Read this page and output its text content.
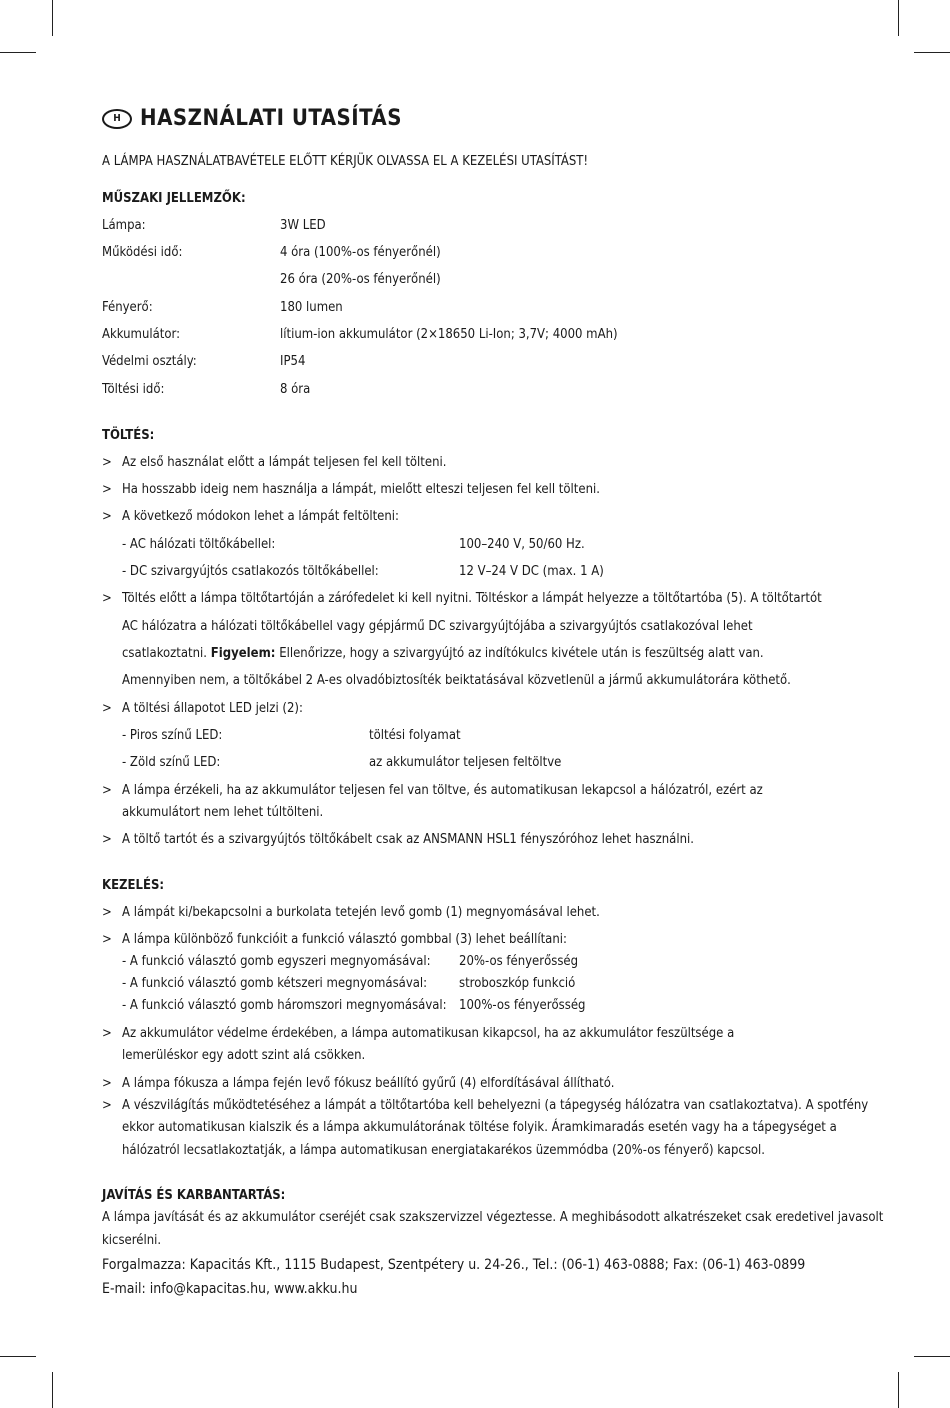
H HASZNÁLATI UTASÍTÁS
A LÁMPA HASZNÁLATBAVÉTELE ELŐTT KÉRJÜK OLVASSA EL A KEZELÉSI UTASÍTÁST!
MŰSZAKI JELLEMZŐK:
Lámpa:	3W LED
Működési idő:	4 óra (100%-os fényerőnél)
26 óra (20%-os fényerőnél)
Fényerő:	180 lumen
Akkumulátor:	lítium-ion akkumulátor (2×18650 Li-Ion; 3,7V; 4000 mAh)
Védelmi osztály:	IP54
Töltési idő:	8 óra
TÖLTÉS:
> Az első használat előtt a lámpát teljesen fel kell tölteni.
> Ha hosszabb ideig nem használja a lámpát, mielőtt elteszi teljesen fel kell tölteni.
> A következő módokon lehet a lámpát feltölteni:
- AC hálózati töltőkábellel:	100–240 V, 50/60 Hz.
- DC szivargyújtós csatlakozós töltőkábellel:	12 V–24 V DC (max. 1 A)
> Töltés előtt a lámpa töltőtartóján a zárófedelet ki kell nyitni. Töltéskor a lámpát helyezze a töltőtartóba (5). A töltőtartót
AC hálózatra a hálózati töltőkábellel vagy gépjármű DC szivargyújtójába a szivargyújtós csatlakozóval lehet
csatlakoztatni. Figyelem: Ellenőrizze, hogy a szivargyújtó az indítókulcs kivétele után is feszültség alatt van.
Amennyiben nem, a töltőkábel 2 A-es olvadóbiztosíték beiktatásával közvetlenül a jármű akkumulátorára köthető.
> A töltési állapotot LED jelzi (2):
- Piros színű LED:	töltési folyamat
- Zöld színű LED:	az akkumulátor teljesen feltöltve
> A lámpa érzékeli, ha az akkumulátor teljesen fel van töltve, és automatikusan lekapcsol a hálózatról, ezért az
akkumulátort nem lehet túltölteni.
> A töltő tartót és a szivargyújtós töltőkábelt csak az ANSMANN HSL1 fényszóróhoz lehet használni.
KEZELÉS:
> A lámpát ki/bekapcsolni a burkolata tetején levő gomb (1) megnyomásával lehet.
> A lámpa különböző funkcióit a funkció választó gombbal (3) lehet beállítani:
- A funkció választó gomb egyszeri megnyomásával: 20%-os fényerősség
- A funkció választó gomb kétszeri megnyomásával: stroboszkóp funkció
- A funkció választó gomb háromszori megnyomásával: 100%-os fényerősség
> Az akkumulátor védelme érdekében, a lámpa automatikusan kikapcsol, ha az akkumulátor feszültsége a
lemerüléskor egy adott szint alá csökken.
> A lámpa fókusza a lámpa fején levő fókusz beállító gyűrű (4) elfordításával állítható.
> A vészvilágítás működtetéséhez a lámpát a töltőtartóba kell behelyezni (a tápegység hálózatra van csatlakoztatva). A spotfény
ekkor automatikusan kialszik és a lámpa akkumulátorának töltése folyik. Áramkimaradás esetén vagy ha a tápegységet a
hálózatról lecsatlakoztatják, a lámpa automatikusan energiatakarékos üzemmódba (20%-os fényerő) kapcsol.
JAVÍTÁS ÉS KARBANTARTÁS:
A lámpa javítását és az akkumulátor cseréjét csak szakszervizzel végeztesse. A meghibásodott alkatrészeket csak eredetivel javasolt
kicserélni.
Forgalmazza: Kapacitás Kft., 1115 Budapest, Szentpétery u. 24-26., Tel.: (06-1) 463-0888; Fax: (06-1) 463-0899
E-mail: info@kapacitas.hu, www.akku.hu
